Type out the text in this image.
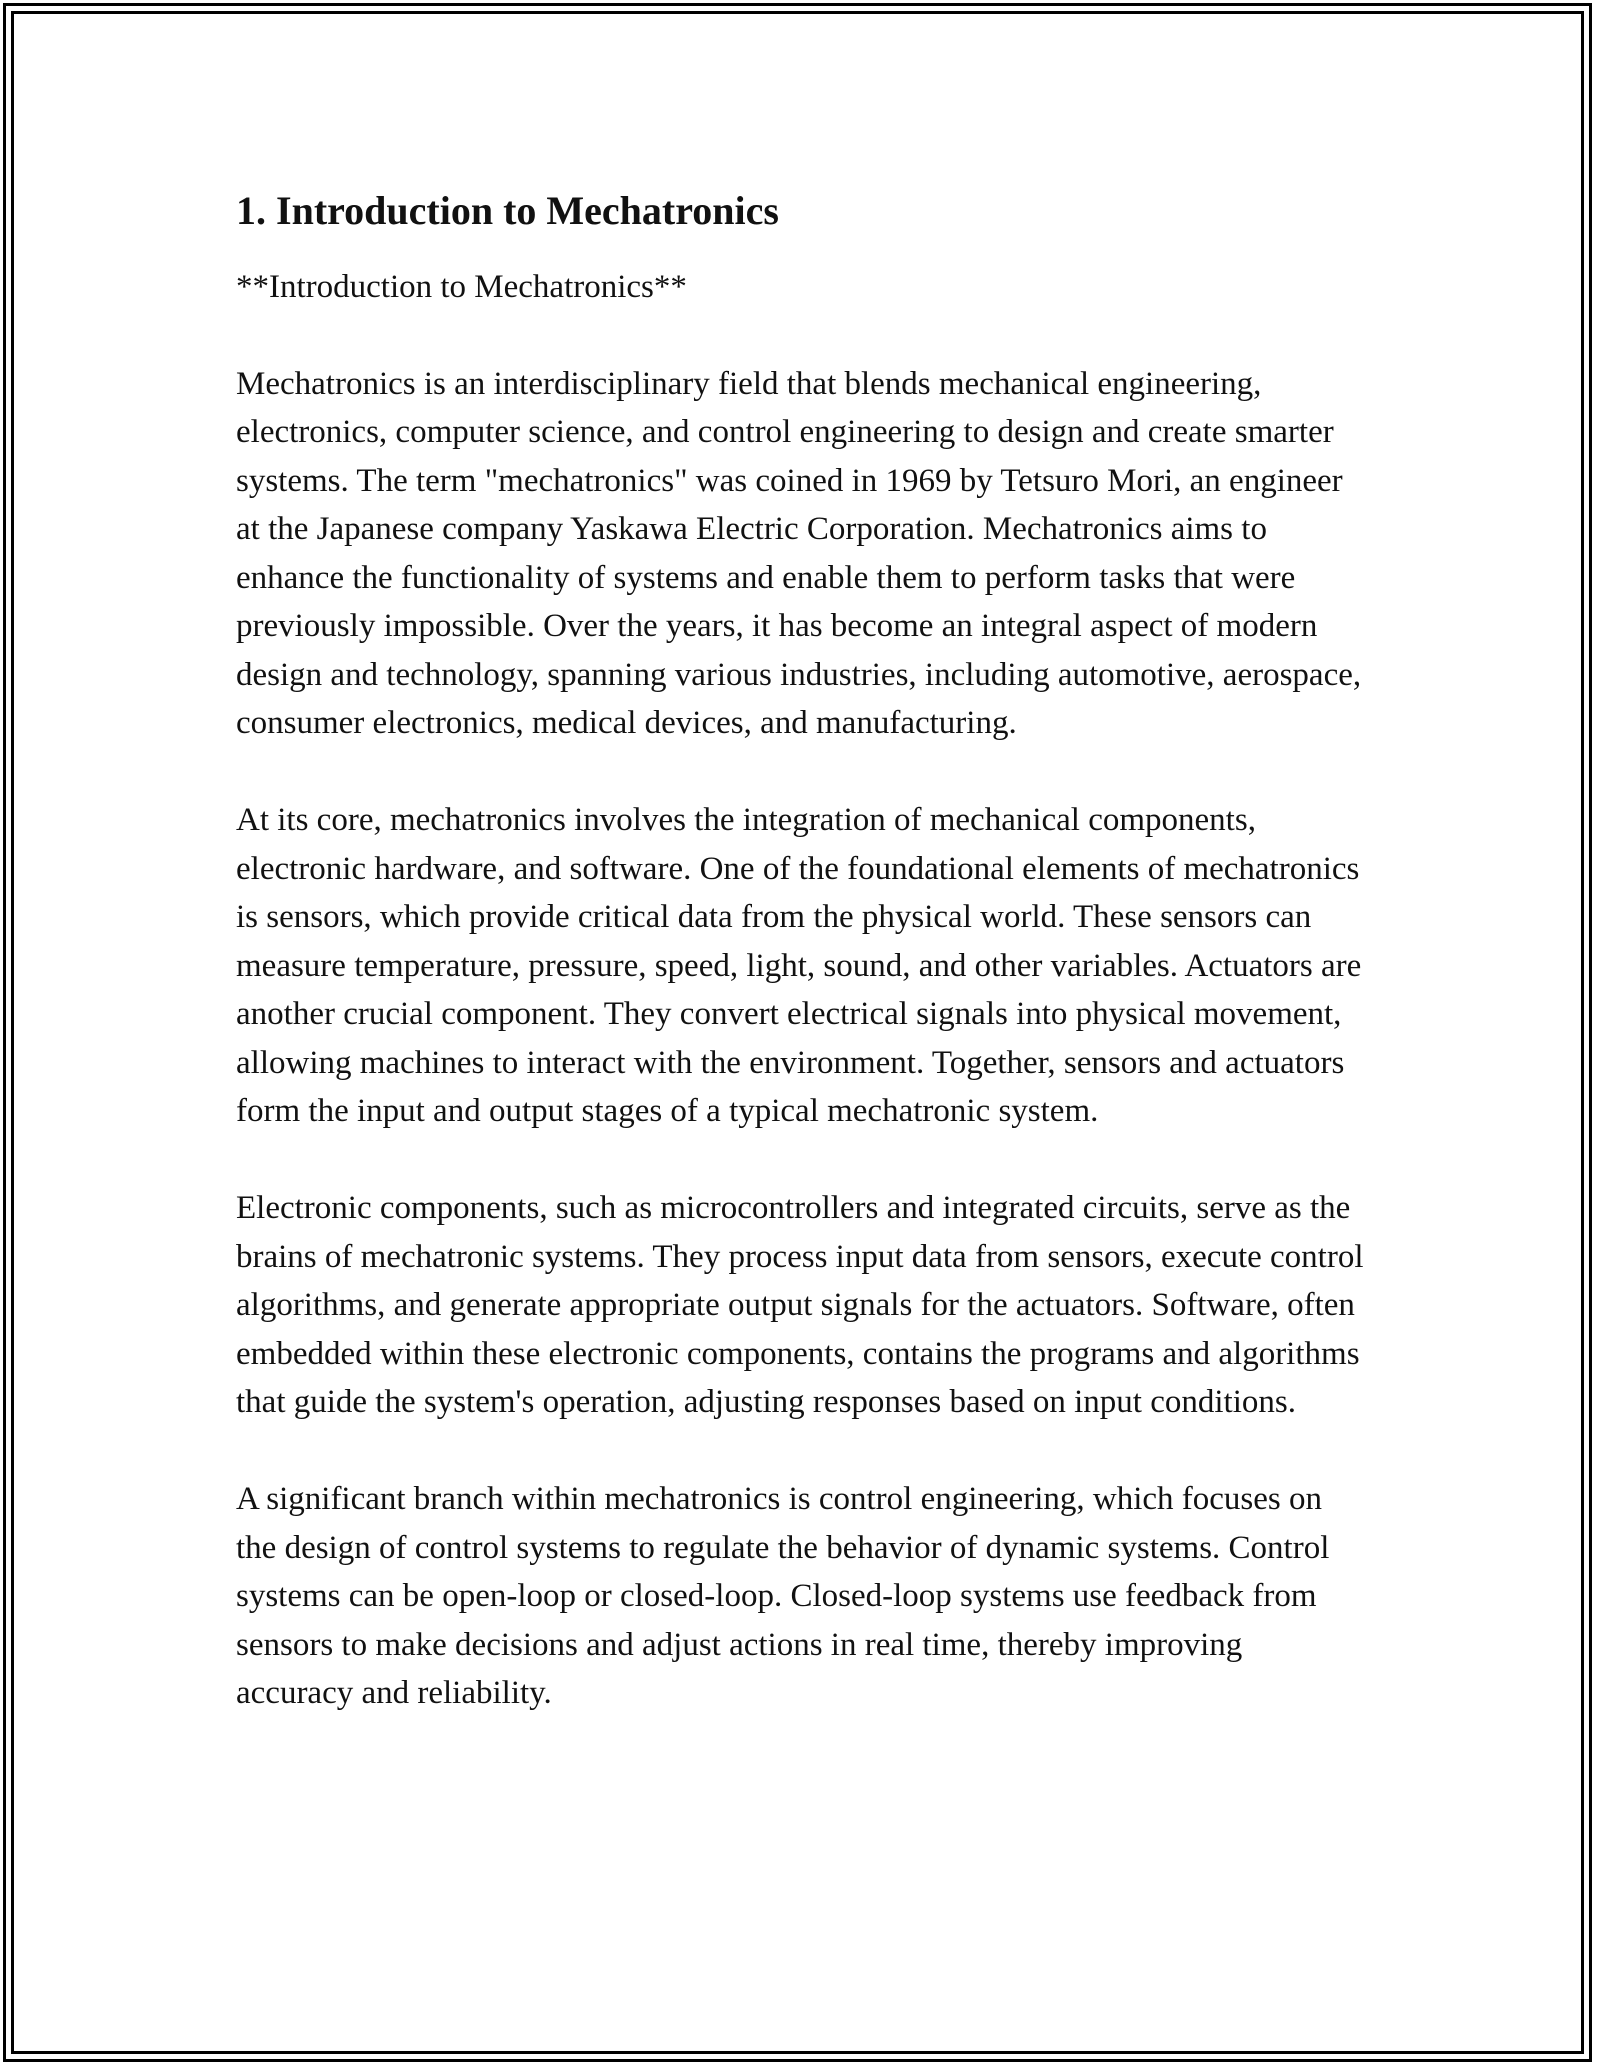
1. Introduction to Mechatronics

**Introduction to Mechatronics**

Mechatronics is an interdisciplinary field that blends mechanical engineering, electronics, computer science, and control engineering to design and create smarter systems. The term "mechatronics" was coined in 1969 by Tetsuro Mori, an engineer at the Japanese company Yaskawa Electric Corporation. Mechatronics aims to enhance the functionality of systems and enable them to perform tasks that were previously impossible. Over the years, it has become an integral aspect of modern design and technology, spanning various industries, including automotive, aerospace, consumer electronics, medical devices, and manufacturing.

At its core, mechatronics involves the integration of mechanical components, electronic hardware, and software. One of the foundational elements of mechatronics is sensors, which provide critical data from the physical world. These sensors can measure temperature, pressure, speed, light, sound, and other variables. Actuators are another crucial component. They convert electrical signals into physical movement, allowing machines to interact with the environment. Together, sensors and actuators form the input and output stages of a typical mechatronic system.

Electronic components, such as microcontrollers and integrated circuits, serve as the brains of mechatronic systems. They process input data from sensors, execute control algorithms, and generate appropriate output signals for the actuators. Software, often embedded within these electronic components, contains the programs and algorithms that guide the system's operation, adjusting responses based on input conditions.

A significant branch within mechatronics is control engineering, which focuses on the design of control systems to regulate the behavior of dynamic systems. Control systems can be open-loop or closed-loop. Closed-loop systems use feedback from sensors to make decisions and adjust actions in real time, thereby improving accuracy and reliability.
